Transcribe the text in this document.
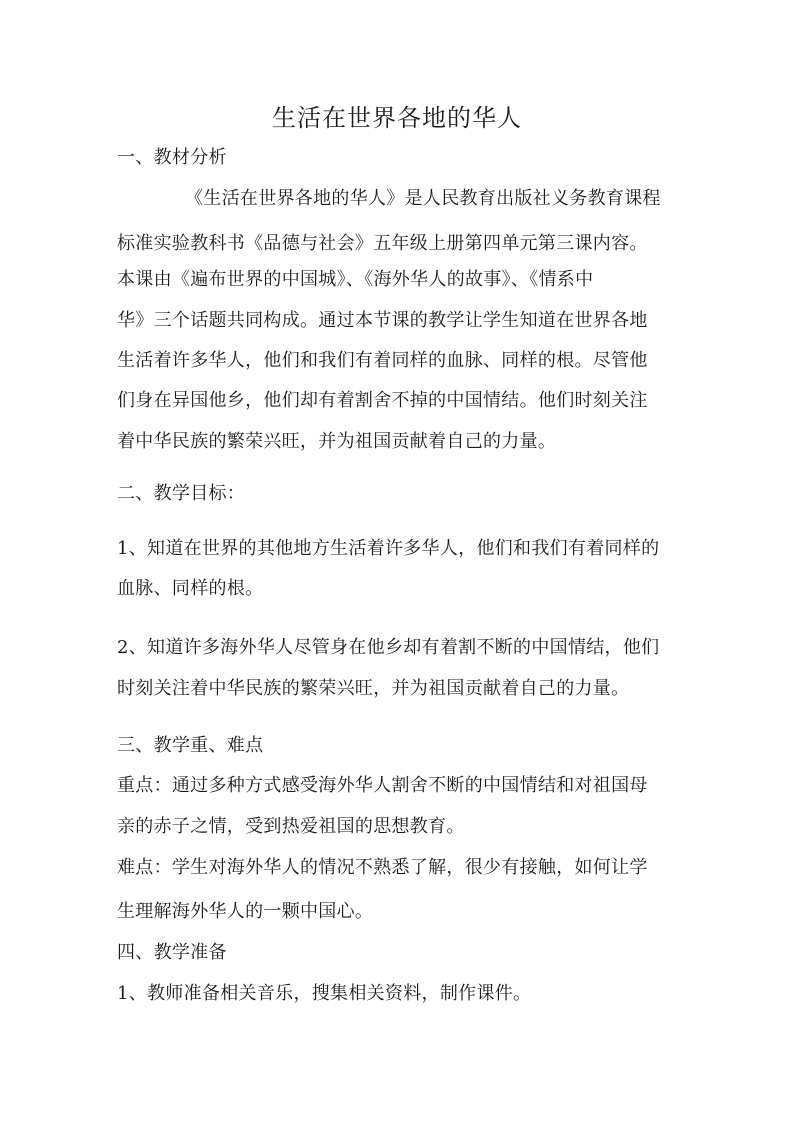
生活在世界各地的华人
一、教材分析
《生活在世界各地的华人》是人民教育出版社义务教育课程
标准实验教科书《品德与社会》五年级上册第四单元第三课内容。
本课由《遍布世界的中国城》、《海外华人的故事》、《情系中
华》三个话题共同构成。通过本节课的教学让学生知道在世界各地
生活着许多华人，他们和我们有着同样的血脉、同样的根。尽管他
们身在异国他乡，他们却有着割舍不掉的中国情结。他们时刻关注
着中华民族的繁荣兴旺，并为祖国贡献着自己的力量。
二、教学目标：
1、知道在世界的其他地方生活着许多华人，他们和我们有着同样的
血脉、同样的根。
2、知道许多海外华人尽管身在他乡却有着割不断的中国情结，他们
时刻关注着中华民族的繁荣兴旺，并为祖国贡献着自己的力量。
三、教学重、难点
重点：通过多种方式感受海外华人割舍不断的中国情结和对祖国母
亲的赤子之情，受到热爱祖国的思想教育。
难点：学生对海外华人的情况不熟悉了解，很少有接触，如何让学
生理解海外华人的一颗中国心。
四、教学准备
1、教师准备相关音乐，搜集相关资料，制作课件。
